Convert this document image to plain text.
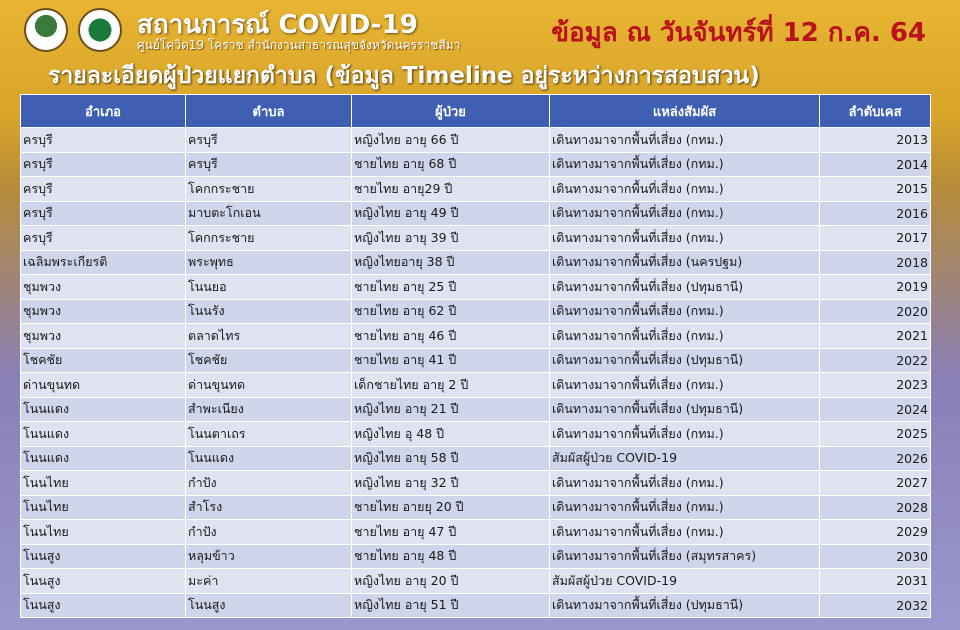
สถานการณ์ COVID-19
ศูนย์โควิด19 โคราช สำนักงานสาธารณสุขจังหวัดนครราชสีมา	ข้อมูล ณ วันจันทร์ที่ 12 ก.ค. 64
รายละเอียดผู้ป่วยแยกตำบล (ข้อมูล Timeline อยู่ระหว่างการสอบสวน)
อำเภอ	ตำบล	ผู้ป่วย	แหล่งสัมผัส	ลำดับเคส
ครบุรี	ครบุรี	หญิงไทย อายุ 66 ปี	เดินทางมาจากพื้นที่เสี่ยง (กทม.)	2013
ครบุรี	ครบุรี	ชายไทย อายุ 68 ปี	เดินทางมาจากพื้นที่เสี่ยง (กทม.)	2014
ครบุรี	โคกกระชาย	ชายไทย อายุ29 ปี	เดินทางมาจากพื้นที่เสี่ยง (กทม.)	2015
ครบุรี	มาบตะโกเอน	หญิงไทย อายุ 49 ปี	เดินทางมาจากพื้นที่เสี่ยง (กทม.)	2016
ครบุรี	โคกกระชาย	หญิงไทย อายุ 39 ปี	เดินทางมาจากพื้นที่เสี่ยง (กทม.)	2017
เฉลิมพระเกียรติ	พระพุทธ	หญิงไทยอายุ 38 ปี	เดินทางมาจากพื้นที่เสี่ยง (นครปฐม)	2018
ชุมพวง	โนนยอ	ชายไทย อายุ 25 ปี	เดินทางมาจากพื้นที่เสี่ยง (ปทุมธานี)	2019
ชุมพวง	โนนรัง	ชายไทย อายุ 62 ปี	เดินทางมาจากพื้นที่เสี่ยง (กทม.)	2020
ชุมพวง	ตลาดไทร	ชายไทย อายุ 46 ปี	เดินทางมาจากพื้นที่เสี่ยง (กทม.)	2021
โชคชัย	โชคชัย	ชายไทย อายุ 41 ปี	เดินทางมาจากพื้นที่เสี่ยง (ปทุมธานี)	2022
ด่านขุนทด	ด่านขุนทด	เด็กชายไทย อายุ 2 ปี	เดินทางมาจากพื้นที่เสี่ยง (กทม.)	2023
โนนแดง	สำพะเนียง	หญิงไทย อายุ 21 ปี	เดินทางมาจากพื้นที่เสี่ยง (ปทุมธานี)	2024
โนนแดง	โนนตาเถร	หญิงไทย อุ 48 ปี	เดินทางมาจากพื้นที่เสี่ยง (กทม.)	2025
โนนแดง	โนนแดง	หญิงไทย อายุ 58 ปี	สัมผัสผู้ป่วย COVID-19	2026
โนนไทย	กำปัง	หญิงไทย อายุ 32 ปี	เดินทางมาจากพื้นที่เสี่ยง (กทม.)	2027
โนนไทย	สำโรง	ชายไทย อายยุ 20 ปี	เดินทางมาจากพื้นที่เสี่ยง (กทม.)	2028
โนนไทย	กำปัง	ชายไทย อายุ 47 ปี	เดินทางมาจากพื้นที่เสี่ยง (กทม.)	2029
โนนสูง	หลุมข้าว	ชายไทย อายุ 48 ปี	เดินทางมาจากพื้นที่เสี่ยง (สมุทรสาคร)	2030
โนนสูง	มะค่า	หญิงไทย อายุ 20 ปี	สัมผัสผู้ป่วย COVID-19	2031
โนนสูง	โนนสูง	หญิงไทย อายุ 51 ปี	เดินทางมาจากพื้นที่เสี่ยง (ปทุมธานี)	2032
